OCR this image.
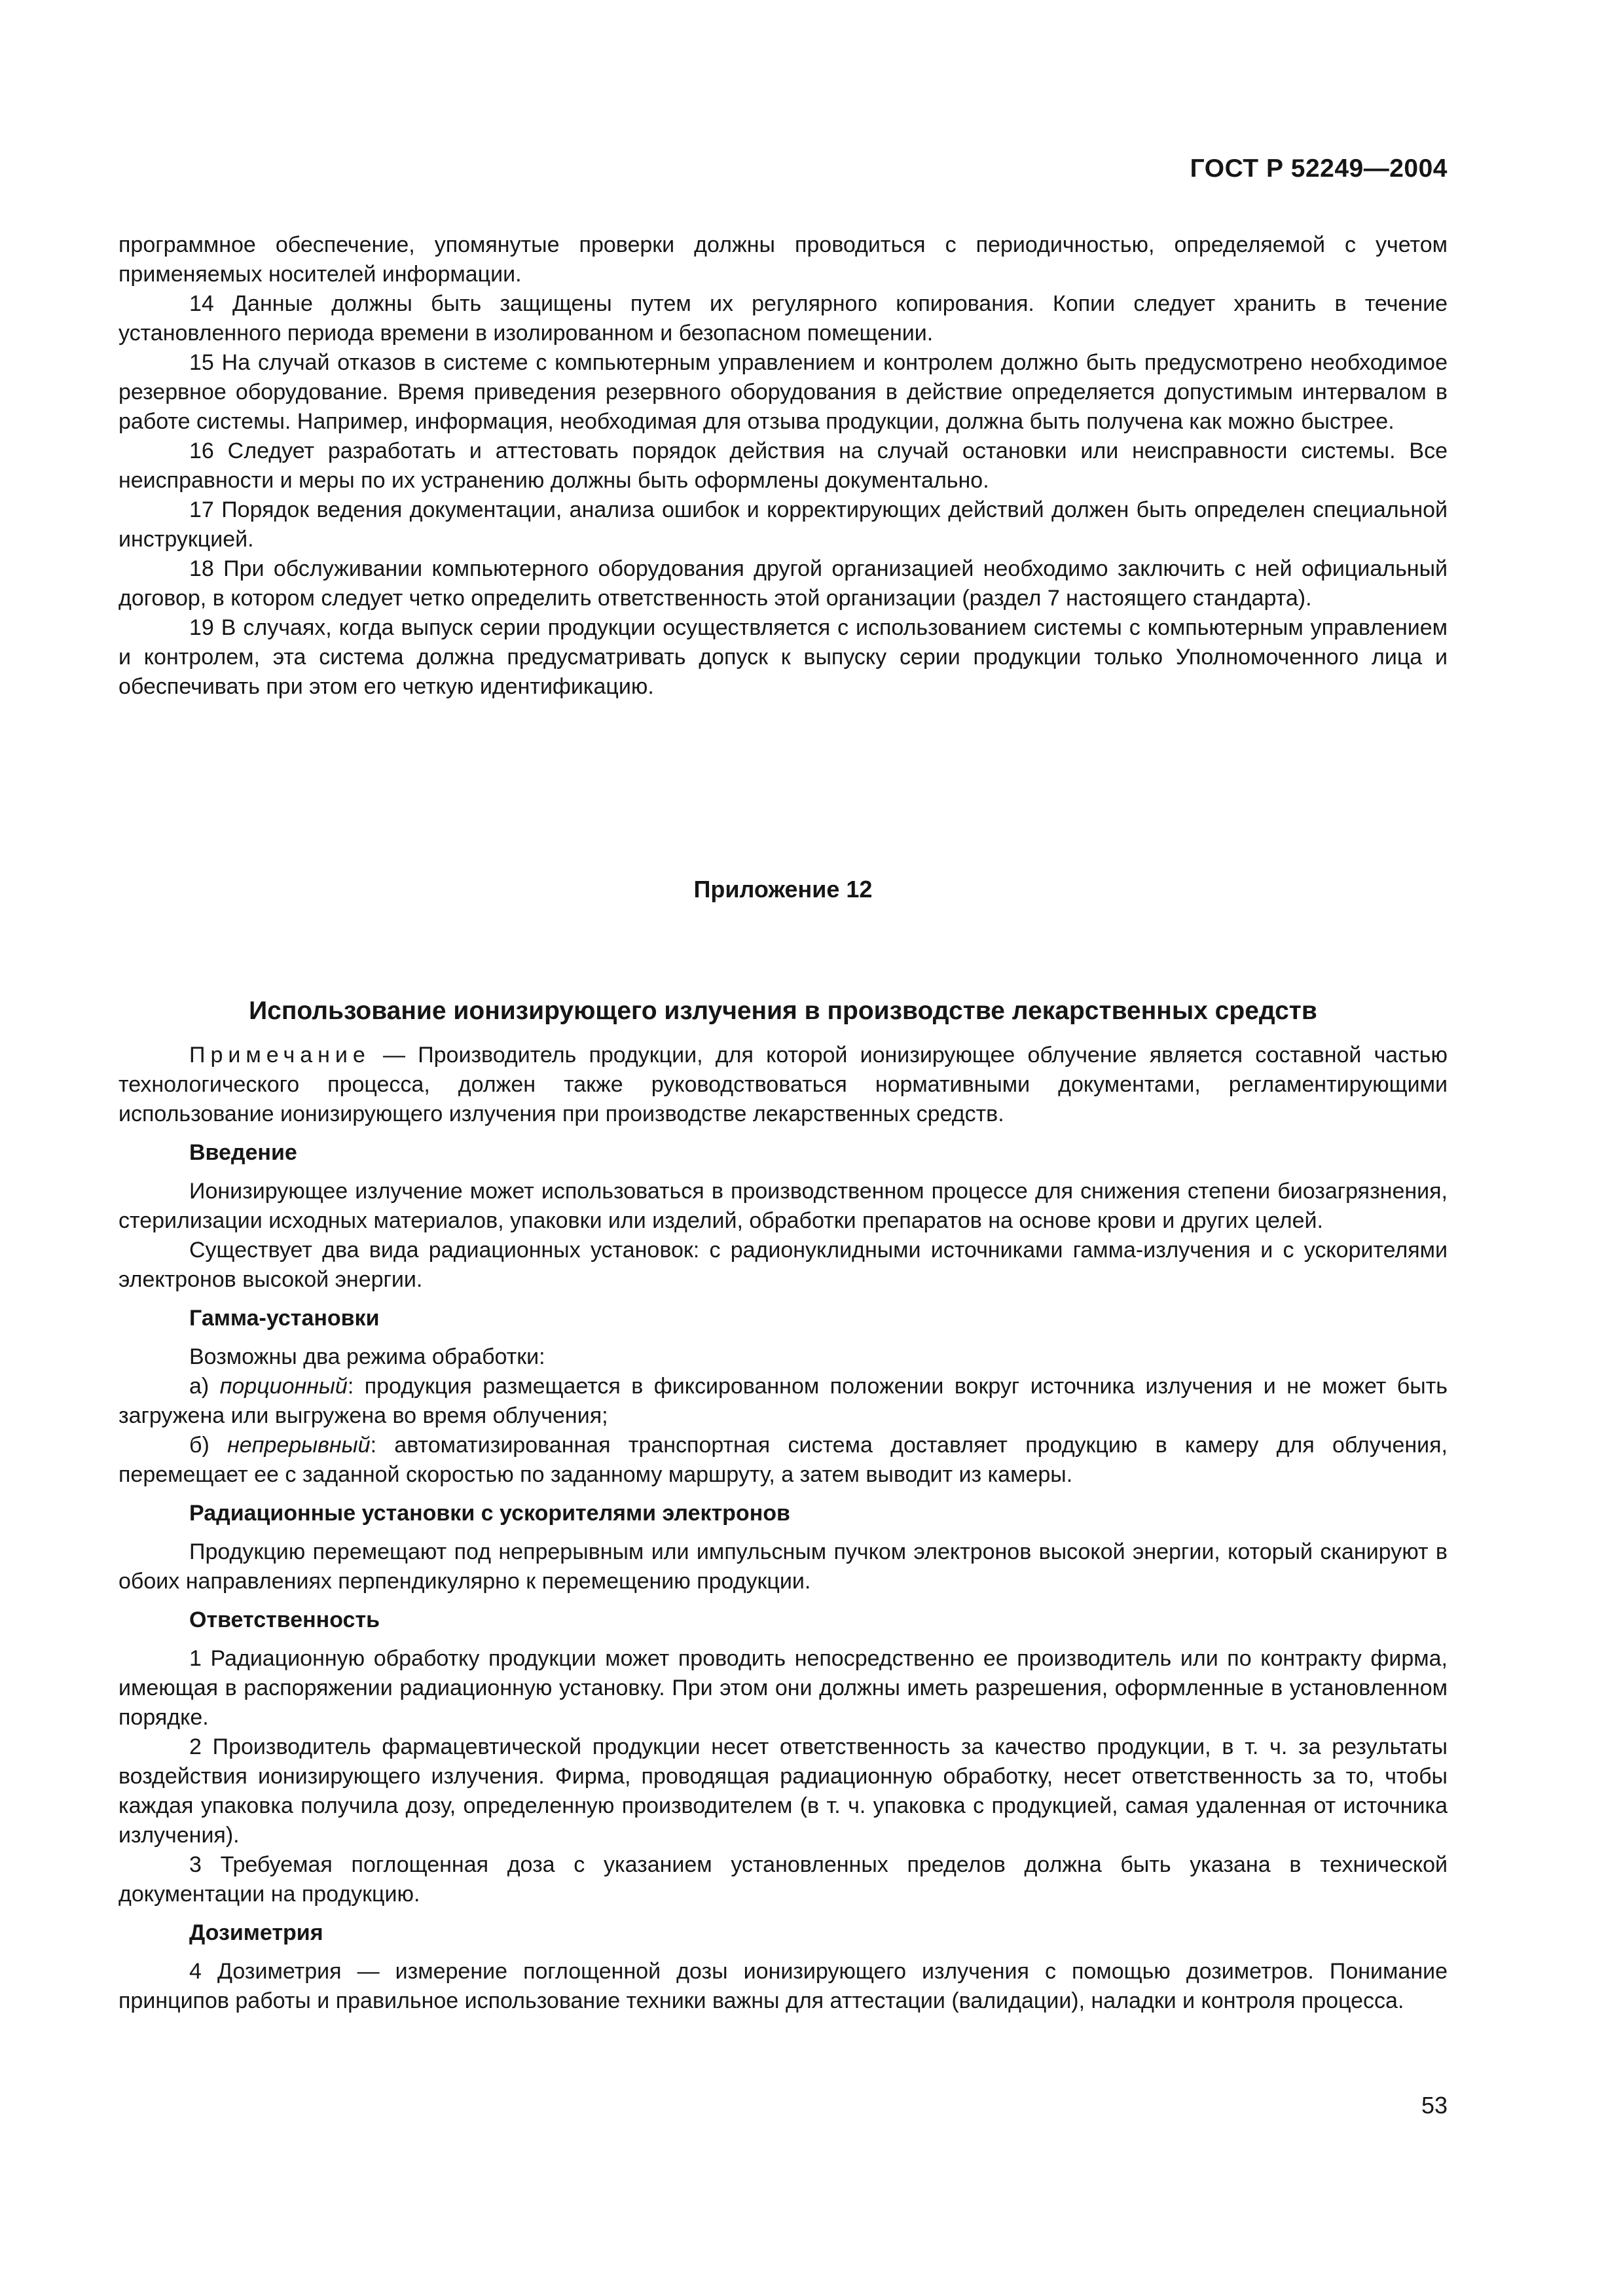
ГОСТ Р 52249—2004

программное обеспечение, упомянутые проверки должны проводиться с периодичностью, определяемой с учетом применяемых носителей информации.

14 Данные должны быть защищены путем их регулярного копирования. Копии следует хранить в течение установленного периода времени в изолированном и безопасном помещении.

15 На случай отказов в системе с компьютерным управлением и контролем должно быть предусмотрено необходимое резервное оборудование. Время приведения резервного оборудования в действие определяется допустимым интервалом в работе системы. Например, информация, необходимая для отзыва продукции, должна быть получена как можно быстрее.

16 Следует разработать и аттестовать порядок действия на случай остановки или неисправности системы. Все неисправности и меры по их устранению должны быть оформлены документально.

17 Порядок ведения документации, анализа ошибок и корректирующих действий должен быть определен специальной инструкцией.

18 При обслуживании компьютерного оборудования другой организацией необходимо заключить с ней официальный договор, в котором следует четко определить ответственность этой организации (раздел 7 настоящего стандарта).

19 В случаях, когда выпуск серии продукции осуществляется с использованием системы с компьютерным управлением и контролем, эта система должна предусматривать допуск к выпуску серии продукции только Уполномоченного лица и обеспечивать при этом его четкую идентификацию.

Приложение 12
Использование ионизирующего излучения в производстве лекарственных средств

Примечание — Производитель продукции, для которой ионизирующее облучение является составной частью технологического процесса, должен также руководствоваться нормативными документами, регламентирующими использование ионизирующего излучения при производстве лекарственных средств.

Введение

Ионизирующее излучение может использоваться в производственном процессе для снижения степени биозагрязнения, стерилизации исходных материалов, упаковки или изделий, обработки препаратов на основе крови и других целей.

Существует два вида радиационных установок: с радионуклидными источниками гамма-излучения и с ускорителями электронов высокой энергии.

Гамма-установки

Возможны два режима обработки:

а) порционный: продукция размещается в фиксированном положении вокруг источника излучения и не может быть загружена или выгружена во время облучения;

б) непрерывный: автоматизированная транспортная система доставляет продукцию в камеру для облучения, перемещает ее с заданной скоростью по заданному маршруту, а затем выводит из камеры.

Радиационные установки с ускорителями электронов

Продукцию перемещают под непрерывным или импульсным пучком электронов высокой энергии, который сканируют в обоих направлениях перпендикулярно к перемещению продукции.

Ответственность

1 Радиационную обработку продукции может проводить непосредственно ее производитель или по контракту фирма, имеющая в распоряжении радиационную установку. При этом они должны иметь разрешения, оформленные в установленном порядке.

2 Производитель фармацевтической продукции несет ответственность за качество продукции, в т. ч. за результаты воздействия ионизирующего излучения. Фирма, проводящая радиационную обработку, несет ответственность за то, чтобы каждая упаковка получила дозу, определенную производителем (в т. ч. упаковка с продукцией, самая удаленная от источника излучения).

3 Требуемая поглощенная доза с указанием установленных пределов должна быть указана в технической документации на продукцию.

Дозиметрия

4 Дозиметрия — измерение поглощенной дозы ионизирующего излучения с помощью дозиметров. Понимание принципов работы и правильное использование техники важны для аттестации (валидации), наладки и контроля процесса.

53
